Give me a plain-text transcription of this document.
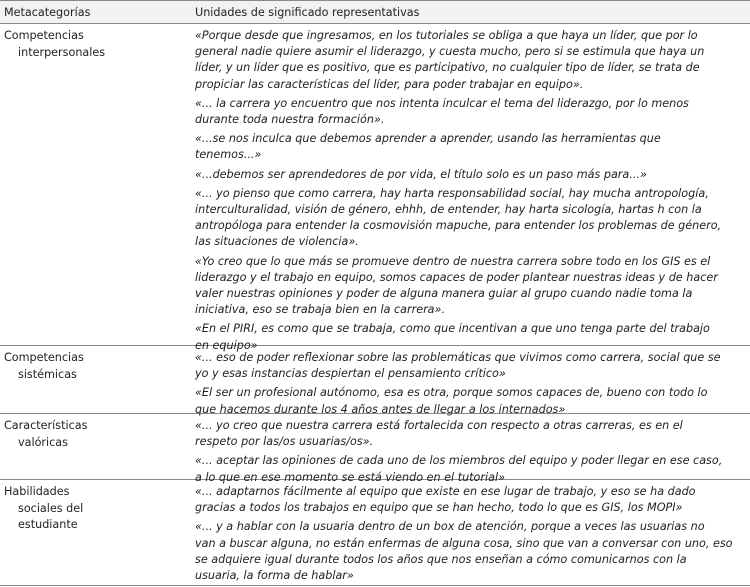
Metacategorías	Unidades de significado representativas
Competencias
interpersonales

«Porque desde que ingresamos, en los tutoriales se obliga a que haya un líder, que por lo
general nadie quiere asumir el liderazgo, y cuesta mucho, pero si se estimula que haya un
líder, y un líder que es positivo, que es participativo, no cualquier tipo de líder, se trata de
propiciar las características del líder, para poder trabajar en equipo».

«... la carrera yo encuentro que nos intenta inculcar el tema del liderazgo, por lo menos
durante toda nuestra formación».

«...se nos inculca que debemos aprender a aprender, usando las herramientas que
tenemos...»

«...debemos ser aprendedores de por vida, el título solo es un paso más para...»

«... yo pienso que como carrera, hay harta responsabilidad social, hay mucha antropología,
interculturalidad, visión de género, ehhh, de entender, hay harta sicología, hartas h con la
antropóloga para entender la cosmovisión mapuche, para entender los problemas de género,
las situaciones de violencia».

«Yo creo que lo que más se promueve dentro de nuestra carrera sobre todo en los GIS es el
liderazgo y el trabajo en equipo, somos capaces de poder plantear nuestras ideas y de hacer
valer nuestras opiniones y poder de alguna manera guiar al grupo cuando nadie toma la
iniciativa, eso se trabaja bien en la carrera».

«En el PIRI, es como que se trabaja, como que incentivan a que uno tenga parte del trabajo
en equipo»

Competencias
sistémicas

«... eso de poder reflexionar sobre las problemáticas que vivimos como carrera, social que se
yo y esas instancias despiertan el pensamiento crítico»

«El ser un profesional autónomo, esa es otra, porque somos capaces de, bueno con todo lo
que hacemos durante los 4 años antes de llegar a los internados»

Características
valóricas

«... yo creo que nuestra carrera está fortalecida con respecto a otras carreras, es en el
respeto por las/os usuarias/os».

«... aceptar las opiniones de cada uno de los miembros del equipo y poder llegar en ese caso,
a lo que en ese momento se está viendo en el tutorial»

Habilidades
sociales del
estudiante

«... adaptarnos fácilmente al equipo que existe en ese lugar de trabajo, y eso se ha dado
gracias a todos los trabajos en equipo que se han hecho, todo lo que es GIS, los MOPI»

«... y a hablar con la usuaria dentro de un box de atención, porque a veces las usuarias no
van a buscar alguna, no están enfermas de alguna cosa, sino que van a conversar con uno, eso
se adquiere igual durante todos los años que nos enseñan a cómo comunicarnos con la
usuaria, la forma de hablar»
